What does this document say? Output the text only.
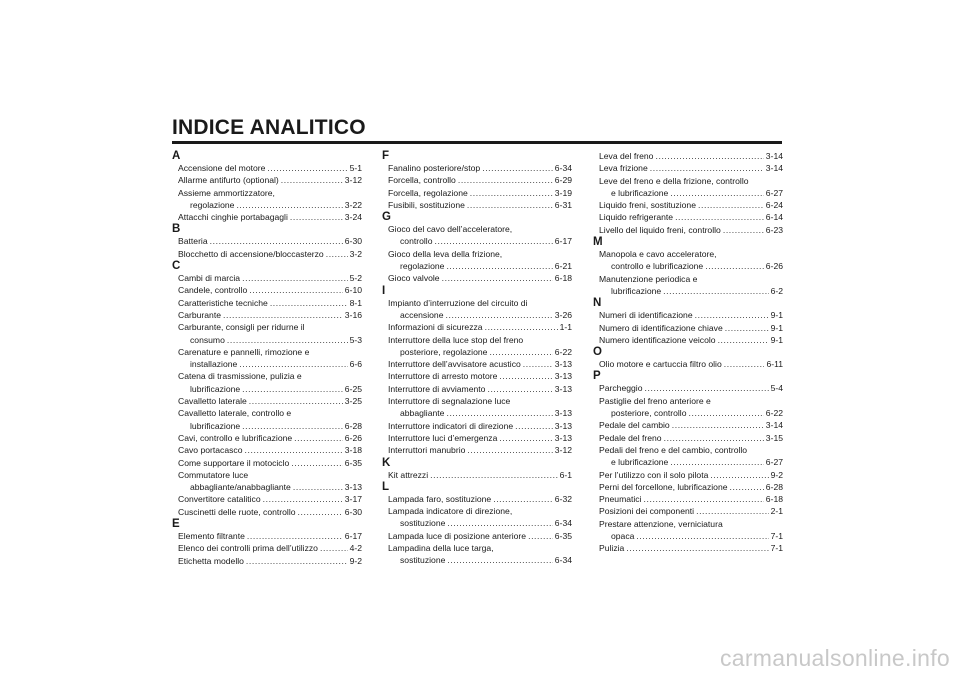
INDICE ANALITICO
A
Accensione del motore .....	5-1
Allarme antifurto (optional) .....	3-12
Assieme ammortizzatore,
regolazione .....	3-22
Attacchi cinghie portabagagli .....	3-24
B
Batteria .....	6-30
Blocchetto di accensione/bloccasterzo .....	3-2
C
Cambi di marcia .....	5-2
Candele, controllo .....	6-10
Caratteristiche tecniche .....	8-1
Carburante .....	3-16
Carburante, consigli per ridurne il
consumo .....	5-3
Carenature e pannelli, rimozione e
installazione .....	6-6
Catena di trasmissione, pulizia e
lubrificazione .....	6-25
Cavalletto laterale .....	3-25
Cavalletto laterale, controllo e
lubrificazione .....	6-28
Cavi, controllo e lubrificazione .....	6-26
Cavo portacasco .....	3-18
Come supportare il motociclo .....	6-35
Commutatore luce
abbagliante/anabbagliante .....	3-13
Convertitore catalitico .....	3-17
Cuscinetti delle ruote, controllo .....	6-30
E
Elemento filtrante .....	6-17
Elenco dei controlli prima dell’utilizzo .....	4-2
Etichetta modello .....	9-2
F
Fanalino posteriore/stop .....	6-34
Forcella, controllo .....	6-29
Forcella, regolazione .....	3-19
Fusibili, sostituzione .....	6-31
G
Gioco del cavo dell’acceleratore,
controllo .....	6-17
Gioco della leva della frizione,
regolazione .....	6-21
Gioco valvole .....	6-18
I
Impianto d’interruzione del circuito di
accensione .....	3-26
Informazioni di sicurezza .....	1-1
Interruttore della luce stop del freno
posteriore, regolazione .....	6-22
Interruttore dell’avvisatore acustico .....	3-13
Interruttore di arresto motore .....	3-13
Interruttore di avviamento .....	3-13
Interruttore di segnalazione luce
abbagliante .....	3-13
Interruttore indicatori di direzione .....	3-13
Interruttore luci d’emergenza .....	3-13
Interruttori manubrio .....	3-12
K
Kit attrezzi .....	6-1
L
Lampada faro, sostituzione .....	6-32
Lampada indicatore di direzione,
sostituzione .....	6-34
Lampada luce di posizione anteriore .....	6-35
Lampadina della luce targa,
sostituzione .....	6-34
Leva del freno .....	3-14
Leva frizione .....	3-14
Leve del freno e della frizione, controllo
e lubrificazione .....	6-27
Liquido freni, sostituzione .....	6-24
Liquido refrigerante .....	6-14
Livello del liquido freni, controllo .....	6-23
M
Manopola e cavo acceleratore,
controllo e lubrificazione .....	6-26
Manutenzione periodica e
lubrificazione .....	6-2
N
Numeri di identificazione .....	9-1
Numero di identificazione chiave .....	9-1
Numero identificazione veicolo .....	9-1
O
Olio motore e cartuccia filtro olio .....	6-11
P
Parcheggio .....	5-4
Pastiglie del freno anteriore e
posteriore, controllo .....	6-22
Pedale del cambio .....	3-14
Pedale del freno .....	3-15
Pedali del freno e del cambio, controllo
e lubrificazione .....	6-27
Per l’utilizzo con il solo pilota .....	9-2
Perni del forcellone, lubrificazione .....	6-28
Pneumatici .....	6-18
Posizioni dei componenti .....	2-1
Prestare attenzione, verniciatura
opaca .....	7-1
Pulizia .....	7-1
carmanualsonline.info
